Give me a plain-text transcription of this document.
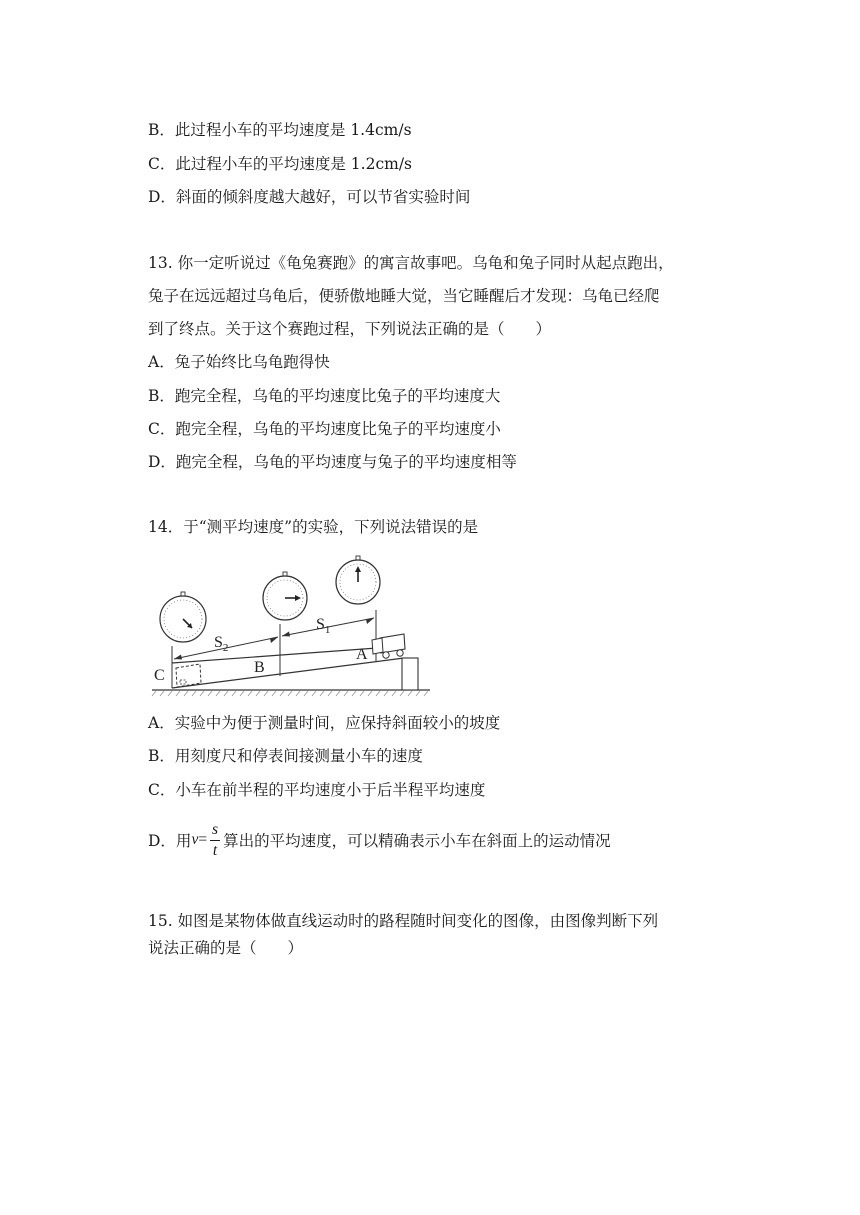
B．此过程小车的平均速度是 1.4cm/s
C．此过程小车的平均速度是 1.2cm/s
D．斜面的倾斜度越大越好，可以节省实验时间
13. 你一定听说过《龟兔赛跑》的寓言故事吧。乌龟和兔子同时从起点跑出，
兔子在远远超过乌龟后，便骄傲地睡大觉，当它睡醒后才发现：乌龟已经爬
到了终点。关于这个赛跑过程，下列说法正确的是（　　）
A．兔子始终比乌龟跑得快
B．跑完全程，乌龟的平均速度比兔子的平均速度大
C．跑完全程，乌龟的平均速度比兔子的平均速度小
D．跑完全程，乌龟的平均速度与兔子的平均速度相等
14．于“测平均速度”的实验，下列说法错误的是
$S_2$
$S_1$
A
B
C
A．实验中为便于测量时间，应保持斜面较小的坡度
B．用刻度尺和停表间接测量小车的速度
C．小车在前半程的平均速度小于后半程平均速度
D．用 $v = \frac{s}{t}$ 算出的平均速度，可以精确表示小车在斜面上的运动情况
15. 如图是某物体做直线运动时的路程随时间变化的图像，由图像判断下列
说法正确的是（　　）
